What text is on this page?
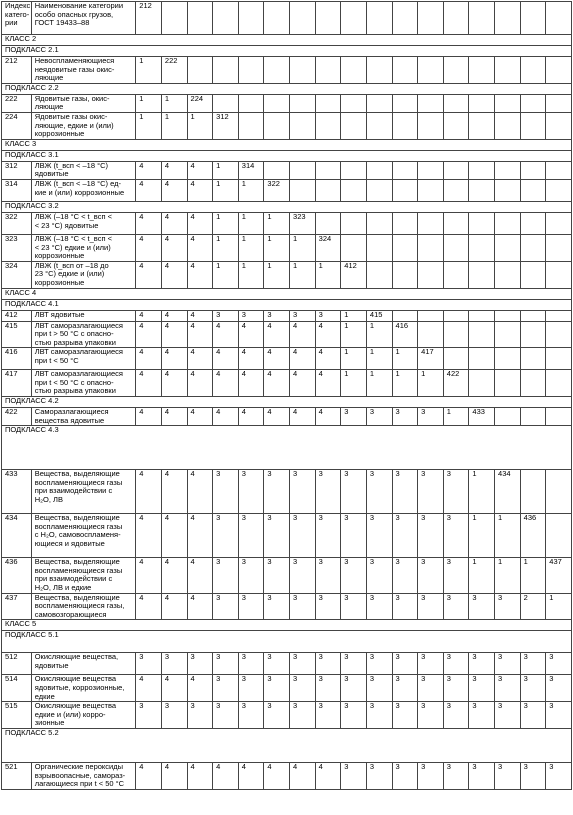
Индекс
катего-
рии	Наименование категории
особо опасных грузов,
ГОСТ 19433–88	212																
КЛАСС 2																		
ПОДКЛАСС 2.1																		
212	Невоспламеняющиеся
неядовитые газы окис-
ляющие	1	222															
ПОДКЛАСС 2.2																		
222	Ядовитые газы, окис-
ляющие	1	1	224														
224	Ядовитые газы окис-
ляющие, едкие и (или)
коррозионные	1	1	1	312													
КЛАСС 3																		
ПОДКЛАСС 3.1																		
312	ЛВЖ (t_всп < –18 °С)
ядовитые	4	4	4	1	314												
314	ЛВЖ (t_всп < –18 °С) ед-
кие и (или) коррозионные	4	4	4	1	1	322											
ПОДКЛАСС 3.2																		
322	ЛВЖ (–18 °С < t_всп <
< 23 °С) ядовитые	4	4	4	1	1	1	323										
323	ЛВЖ (–18 °С < t_всп <
< 23 °С) едкие и (или)
коррозионные	4	4	4	1	1	1	1	324									
324	ЛВЖ (t_всп от –18 до
23 °С) едкие и (или)
коррозионные	4	4	4	1	1	1	1	1	412								
КЛАСС 4																		
ПОДКЛАСС 4.1																		
412	ЛВТ ядовитые	4	4	4	3	3	3	3	3	1	415							
415	ЛВТ саморазлагающиеся
при t > 50 °С с опасно-
стью разрыва упаковки	4	4	4	4	4	4	4	4	1	1	416						
416	ЛВТ саморазлагающиеся
при t < 50 °С	4	4	4	4	4	4	4	4	1	1	1	417					
417	ЛВТ саморазлагающиеся
при t < 50 °С с опасно-
стью разрыва упаковки	4	4	4	4	4	4	4	4	1	1	1	1	422				
ПОДКЛАСС 4.2																		
422	Саморазлагающиеся
вещества ядовитые	4	4	4	4	4	4	4	4	3	3	3	3	1	433			
ПОДКЛАСС 4.3																		
433	Вещества, выделяющие
воспламеняющиеся газы
при взаимодействии с
H₂O, ЛВ	4	4	4	3	3	3	3	3	3	3	3	3	3	1	434		
434	Вещества, выделяющие
воспламеняющиеся газы
с H₂O, самовоспламеня-
ющиеся и ядовитые	4	4	4	3	3	3	3	3	3	3	3	3	3	1	1	436	
436	Вещества, выделяющие
воспламеняющиеся газы
при взаимодействии с
H₂O, ЛВ и едкие	4	4	4	3	3	3	3	3	3	3	3	3	3	1	1	1	437
437	Вещества, выделяющие
воспламеняющиеся газы,
самовозгорающиеся	4	4	4	3	3	3	3	3	3	3	3	3	3	3	3	2	1
КЛАСС 5																		
ПОДКЛАСС 5.1																		
512	Окисляющие вещества,
ядовитые	3	3	3	3	3	3	3	3	3	3	3	3	3	3	3	3	3
514	Окисляющие вещества
ядовитые, коррозионные,
едкие	4	4	4	3	3	3	3	3	3	3	3	3	3	3	3	3	3
515	Окисляющие вещества
едкие и (или) корро-
зионные	3	3	3	3	3	3	3	3	3	3	3	3	3	3	3	3	3
ПОДКЛАСС 5.2																		
521	Органические пероксиды
взрывоопасные, самораз-
лагающиеся при t < 50 °С	4	4	4	4	4	4	4	4	3	3	3	3	3	3	3	3	3
